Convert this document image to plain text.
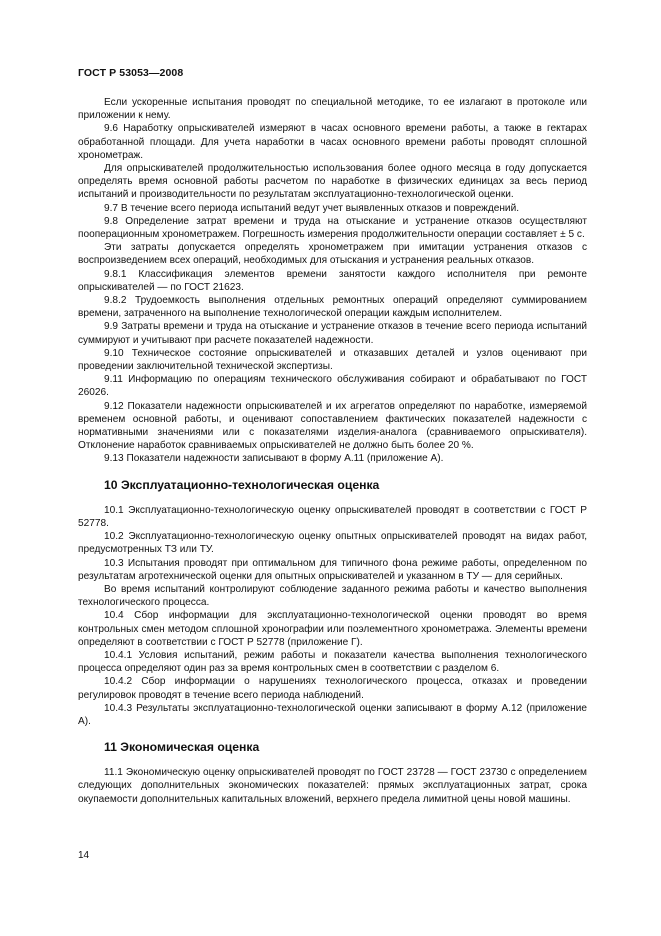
ГОСТ Р 53053—2008

Если ускоренные испытания проводят по специальной методике, то ее излагают в протоколе или приложении к нему.

9.6 Наработку опрыскивателей измеряют в часах основного времени работы, а также в гектарах обработанной площади. Для учета наработки в часах основного времени работы проводят сплошной хронометраж.

Для опрыскивателей продолжительностью использования более одного месяца в году допускается определять время основной работы расчетом по наработке в физических единицах за весь период испытаний и производительности по результатам эксплуатационно-технологической оценки.

9.7 В течение всего периода испытаний ведут учет выявленных отказов и повреждений.

9.8 Определение затрат времени и труда на отыскание и устранение отказов осуществляют пооперационным хронометражем. Погрешность измерения продолжительности операции составляет ± 5 с.

Эти затраты допускается определять хронометражем при имитации устранения отказов с воспроизведением всех операций, необходимых для отыскания и устранения реальных отказов.

9.8.1 Классификация элементов времени занятости каждого исполнителя при ремонте опрыскивателей — по ГОСТ 21623.

9.8.2 Трудоемкость выполнения отдельных ремонтных операций определяют суммированием времени, затраченного на выполнение технологической операции каждым исполнителем.

9.9 Затраты времени и труда на отыскание и устранение отказов в течение всего периода испытаний суммируют и учитывают при расчете показателей надежности.

9.10 Техническое состояние опрыскивателей и отказавших деталей и узлов оценивают при проведении заключительной технической экспертизы.

9.11 Информацию по операциям технического обслуживания собирают и обрабатывают по ГОСТ 26026.

9.12 Показатели надежности опрыскивателей и их агрегатов определяют по наработке, измеряемой временем основной работы, и оценивают сопоставлением фактических показателей надежности с нормативными значениями или с показателями изделия-аналога (сравниваемого опрыскивателя). Отклонение наработок сравниваемых опрыскивателей не должно быть более 20 %.

9.13 Показатели надежности записывают в форму А.11 (приложение А).

10 Эксплуатационно-технологическая оценка

10.1 Эксплуатационно-технологическую оценку опрыскивателей проводят в соответствии с ГОСТ Р 52778.

10.2 Эксплуатационно-технологическую оценку опытных опрыскивателей проводят на видах работ, предусмотренных ТЗ или ТУ.

10.3 Испытания проводят при оптимальном для типичного фона режиме работы, определенном по результатам агротехнической оценки для опытных опрыскивателей и указанном в ТУ — для серийных.

Во время испытаний контролируют соблюдение заданного режима работы и качество выполнения технологического процесса.

10.4 Сбор информации для эксплуатационно-технологической оценки проводят во время контрольных смен методом сплошной хронографии или поэлементного хронометража. Элементы времени определяют в соответствии с ГОСТ Р 52778 (приложение Г).

10.4.1 Условия испытаний, режим работы и показатели качества выполнения технологического процесса определяют один раз за время контрольных смен в соответствии с разделом 6.

10.4.2 Сбор информации о нарушениях технологического процесса, отказах и проведении регулировок проводят в течение всего периода наблюдений.

10.4.3 Результаты эксплуатационно-технологической оценки записывают в форму А.12 (приложение А).

11 Экономическая оценка

11.1 Экономическую оценку опрыскивателей проводят по ГОСТ 23728 — ГОСТ 23730 с определением следующих дополнительных экономических показателей: прямых эксплуатационных затрат, срока окупаемости дополнительных капитальных вложений, верхнего предела лимитной цены новой машины.

14
